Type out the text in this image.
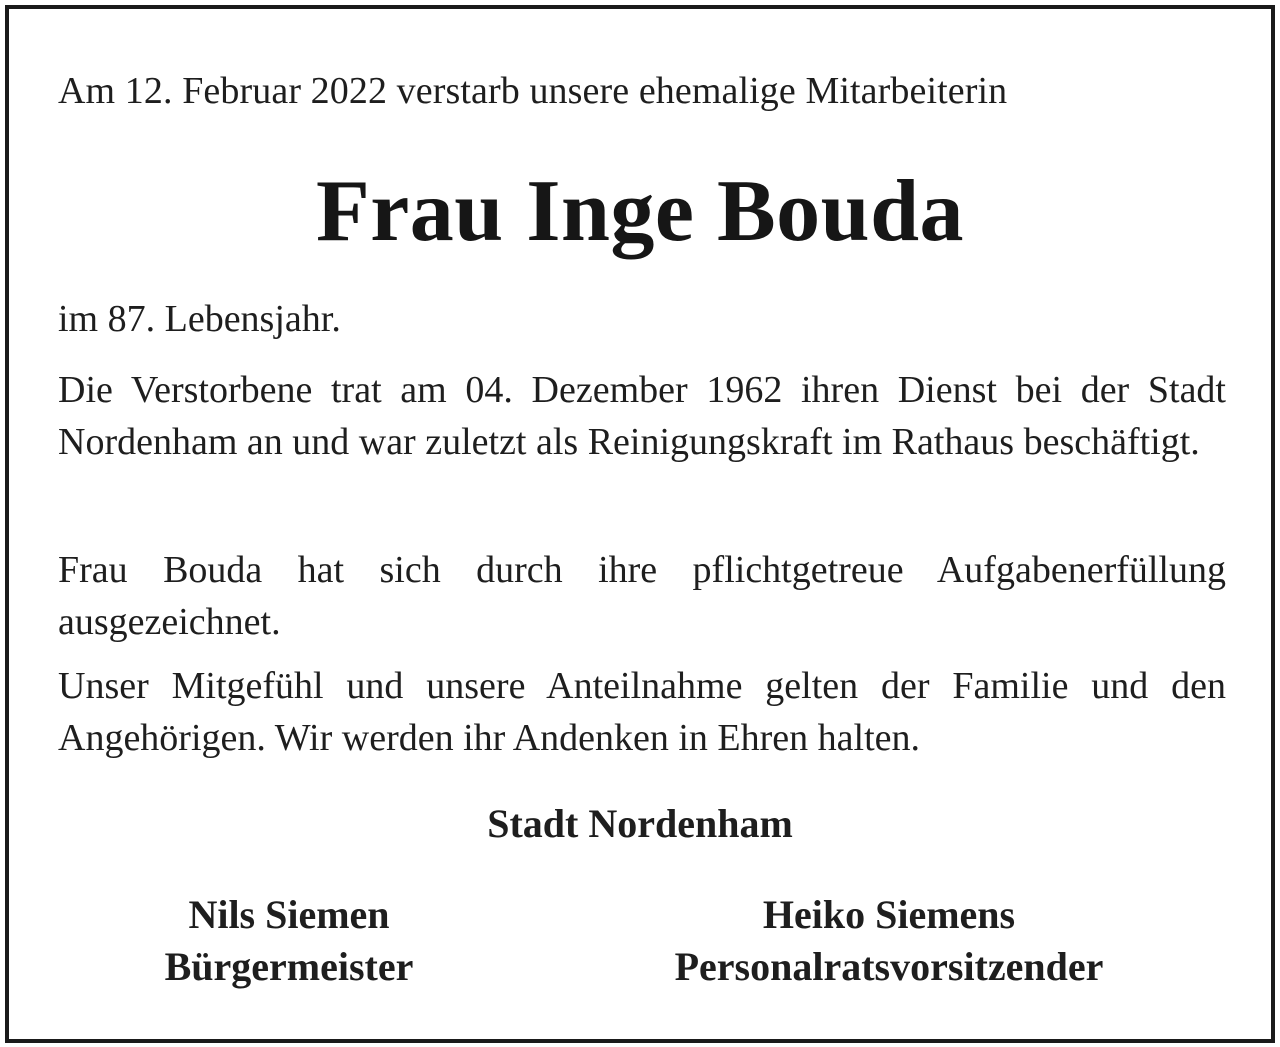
Am 12. Februar 2022 verstarb unsere ehemalige Mitarbeiterin
Frau Inge Bouda
im 87. Lebensjahr.
Die Verstorbene trat am 04. Dezember 1962 ihren Dienst bei der Stadt Nordenham an und war zuletzt als Reinigungskraft im Rathaus beschäftigt.
Frau Bouda hat sich durch ihre pflichtgetreue Aufgabenerfüllung ausgezeichnet.
Unser Mitgefühl und unsere Anteilnahme gelten der Familie und den Angehörigen. Wir werden ihr Andenken in Ehren halten.
Stadt Nordenham
Nils Siemen
Bürgermeister
Heiko Siemens
Personalratsvorsitzender
